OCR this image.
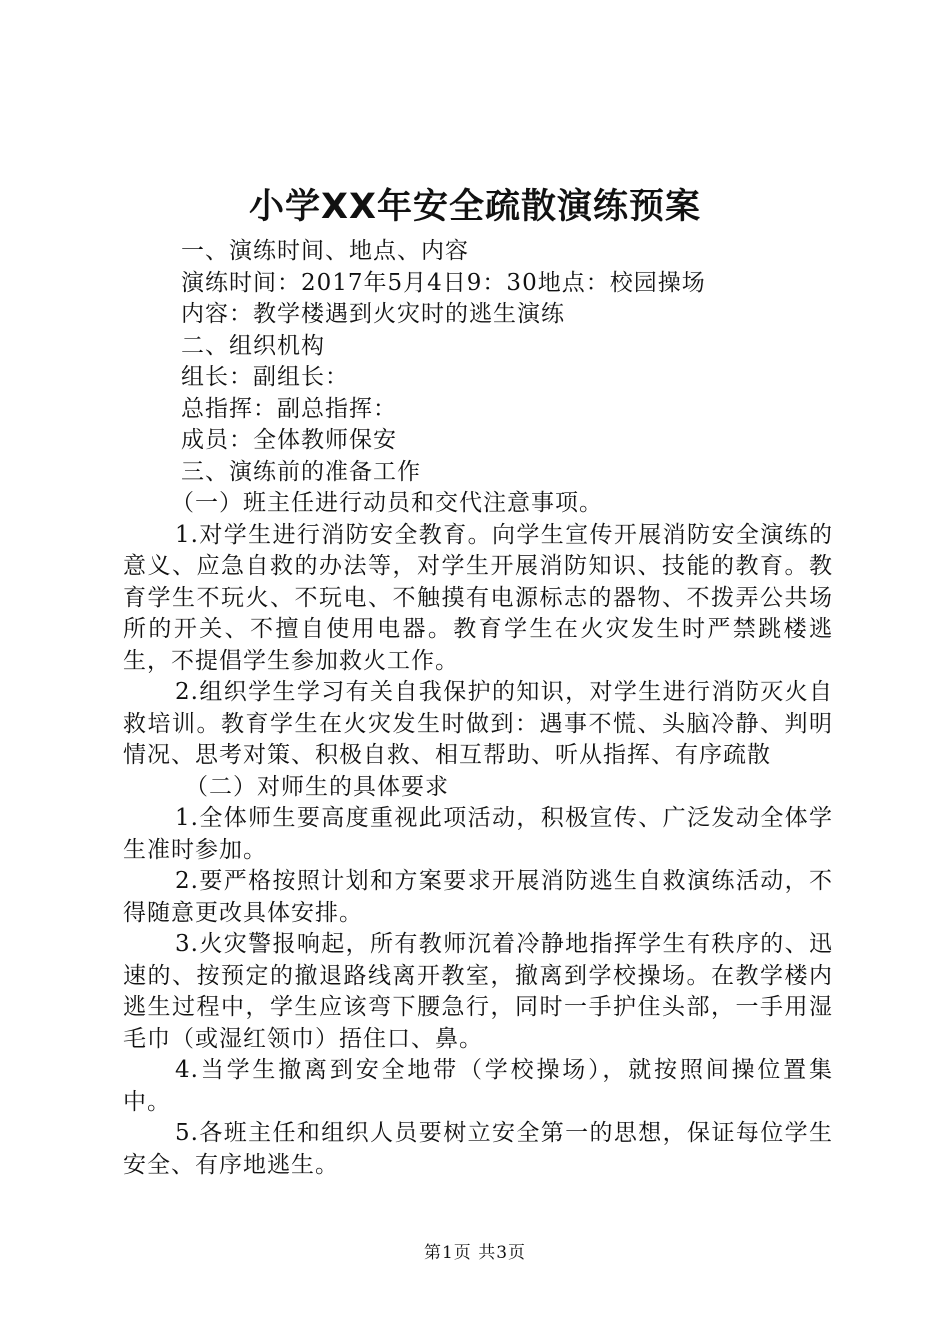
小学XX年安全疏散演练预案
一、演练时间、地点、内容
演练时间：2017年5月4日9：30地点：校园操场
内容：教学楼遇到火灾时的逃生演练
二、组织机构
组长：副组长：
总指挥：副总指挥：
成员：全体教师保安
三、演练前的准备工作
（一）班主任进行动员和交代注意事项。
1.对学生进行消防安全教育。向学生宣传开展消防安全演练的意义、应急自救的办法等，对学生开展消防知识、技能的教育。教育学生不玩火、不玩电、不触摸有电源标志的器物、不拨弄公共场所的开关、不擅自使用电器。教育学生在火灾发生时严禁跳楼逃生，不提倡学生参加救火工作。
2.组织学生学习有关自我保护的知识，对学生进行消防灭火自救培训。教育学生在火灾发生时做到：遇事不慌、头脑冷静、判明情况、思考对策、积极自救、相互帮助、听从指挥、有序疏散
（二）对师生的具体要求
1.全体师生要高度重视此项活动，积极宣传、广泛发动全体学生准时参加。
2.要严格按照计划和方案要求开展消防逃生自救演练活动，不得随意更改具体安排。
3.火灾警报响起，所有教师沉着冷静地指挥学生有秩序的、迅速的、按预定的撤退路线离开教室，撤离到学校操场。在教学楼内逃生过程中，学生应该弯下腰急行，同时一手护住头部，一手用湿毛巾（或湿红领巾）捂住口、鼻。
4.当学生撤离到安全地带（学校操场），就按照间操位置集中。
5.各班主任和组织人员要树立安全第一的思想，保证每位学生安全、有序地逃生。
第1页 共3页
